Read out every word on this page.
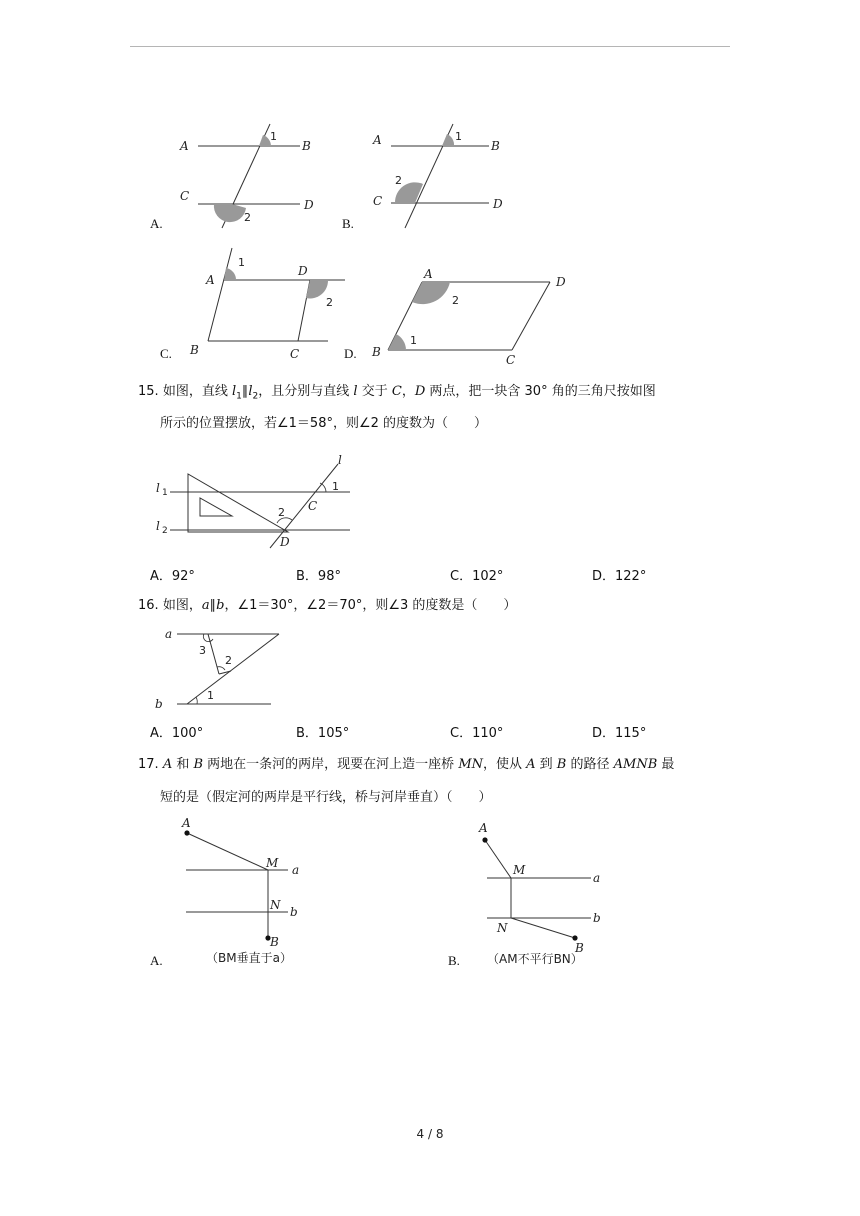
A	B
C
D
1
2
A.
A	B
C	D
1
2
B.
A
D
B	C
1
2
C.
A
D
B
C
2
1
D.
15. 如图，直线 $l_1\parallel l_2$，且分别与直线 l 交于 C，D 两点，把一块含 30° 角的三角尺按如图
所示的位置摆放，若∠1＝58°，则∠2 的度数为（　　）
l
l 1
l 2
C
D
1
2
A．92°	B．98°	C．102°	D．122°
16. 如图，a∥b，∠1＝30°，∠2＝70°，则∠3 的度数是（　　）
a
b
3
2
1
A．100°	B．105°	C．110°	D．115°
17. A 和 B 两地在一条河的两岸，现要在河上造一座桥 MN，使从 A 到 B 的路径 AMNB 最
短的是（假定河的两岸是平行线，桥与河岸垂直）（　　）
A
M
N
B
a
b
（BM垂直于a）
A.
A
M
N
B
a
b
（AM不平行BN）
B.
4 / 8
